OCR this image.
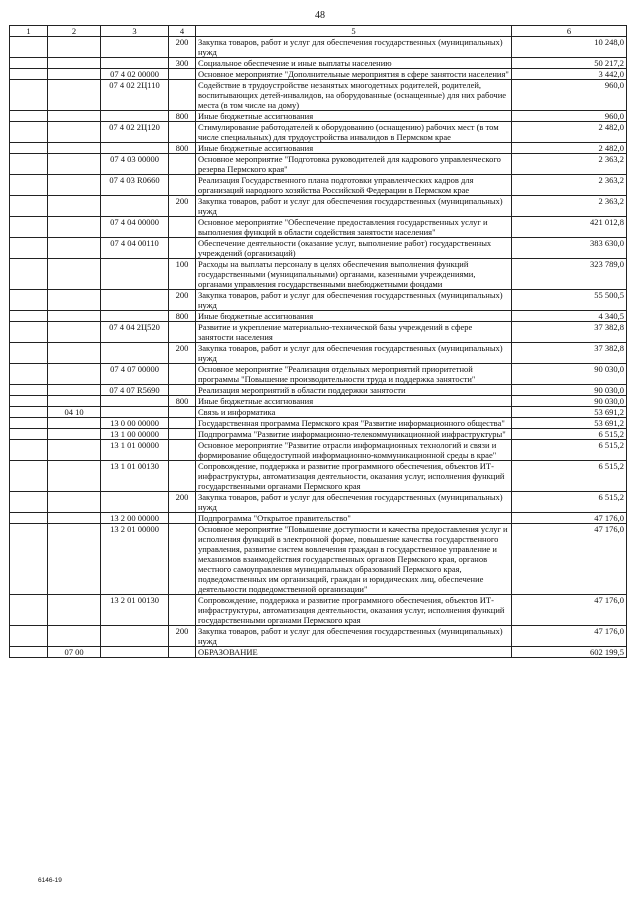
48
1	2	3	4	5	6
			200	Закупка товаров, работ и услуг для обеспечения государственных (муниципальных) нужд	10 248,0
			300	Социальное обеспечение и иные выплаты населению	50 217,2
		07 4 02 00000		Основное мероприятие "Дополнительные мероприятия в сфере занятости населения"	3 442,0
		07 4 02 2Ц110		Содействие в трудоустройстве незанятых многодетных родителей, родителей, воспитывающих детей-инвалидов, на оборудованные (оснащенные) для них рабочие места (в том числе на дому)	960,0
			800	Иные бюджетные ассигнования	960,0
		07 4 02 2Ц120		Стимулирование работодателей к оборудованию (оснащению) рабочих мест (в том числе специальных) для трудоустройства инвалидов в Пермском крае	2 482,0
			800	Иные бюджетные ассигнования	2 482,0
		07 4 03 00000		Основное мероприятие "Подготовка руководителей для кадрового управленческого резерва Пермского края"	2 363,2
		07 4 03 R0660		Реализация Государственного плана подготовки управленческих кадров для организаций народного хозяйства Российской Федерации в Пермском крае	2 363,2
			200	Закупка товаров, работ и услуг для обеспечения государственных (муниципальных) нужд	2 363,2
		07 4 04 00000		Основное мероприятие "Обеспечение предоставления государственных услуг и выполнения функций в области содействия занятости населения"	421 012,8
		07 4 04 00110		Обеспечение деятельности (оказание услуг, выполнение работ) государственных учреждений (организаций)	383 630,0
			100	Расходы на выплаты персоналу в целях обеспечения выполнения функций государственными (муниципальными) органами, казенными учреждениями, органами управления государственными внебюджетными фондами	323 789,0
			200	Закупка товаров, работ и услуг для обеспечения государственных (муниципальных) нужд	55 500,5
			800	Иные бюджетные ассигнования	4 340,5
		07 4 04 2Ц520		Развитие и укрепление материально-технической базы учреждений в сфере занятости населения	37 382,8
			200	Закупка товаров, работ и услуг для обеспечения государственных (муниципальных) нужд	37 382,8
		07 4 07 00000		Основное мероприятие "Реализация отдельных мероприятий приоритетной программы "Повышение производительности труда и поддержка занятости"	90 030,0
		07 4 07 R5690		Реализация мероприятий в области поддержки занятости	90 030,0
			800	Иные бюджетные ассигнования	90 030,0
	04 10			Связь и информатика	53 691,2
		13 0 00 00000		Государственная программа Пермского края "Развитие информационного общества"	53 691,2
		13 1 00 00000		Подпрограмма "Развитие информационно-телекоммуникационной инфраструктуры"	6 515,2
		13 1 01 00000		Основное мероприятие "Развитие отрасли информационных технологий и связи и формирование общедоступной информационно-коммуникационной среды в крае"	6 515,2
		13 1 01 00130		Сопровождение, поддержка и развитие программного обеспечения, объектов ИТ-инфраструктуры, автоматизация деятельности, оказания услуг, исполнения функций государственными органами Пермского края	6 515,2
			200	Закупка товаров, работ и услуг для обеспечения государственных (муниципальных) нужд	6 515,2
		13 2 00 00000		Подпрограмма "Открытое правительство"	47 176,0
		13 2 01 00000		Основное мероприятие "Повышение доступности и качества предоставления услуг и исполнения функций в электронной форме, повышение качества государственного управления, развитие систем вовлечения граждан в государственное управление и механизмов взаимодействия государственных органов Пермского края, органов местного самоуправления муниципальных образований Пермского края, подведомственных им организаций, граждан и юридических лиц, обеспечение деятельности подведомственной организации"	47 176,0
		13 2 01 00130		Сопровождение, поддержка и развитие программного обеспечения, объектов ИТ-инфраструктуры, автоматизация деятельности, оказания услуг, исполнения функций государственными органами Пермского края	47 176,0
			200	Закупка товаров, работ и услуг для обеспечения государственных (муниципальных) нужд	47 176,0
	07 00			ОБРАЗОВАНИЕ	602 199,5
6146-19
